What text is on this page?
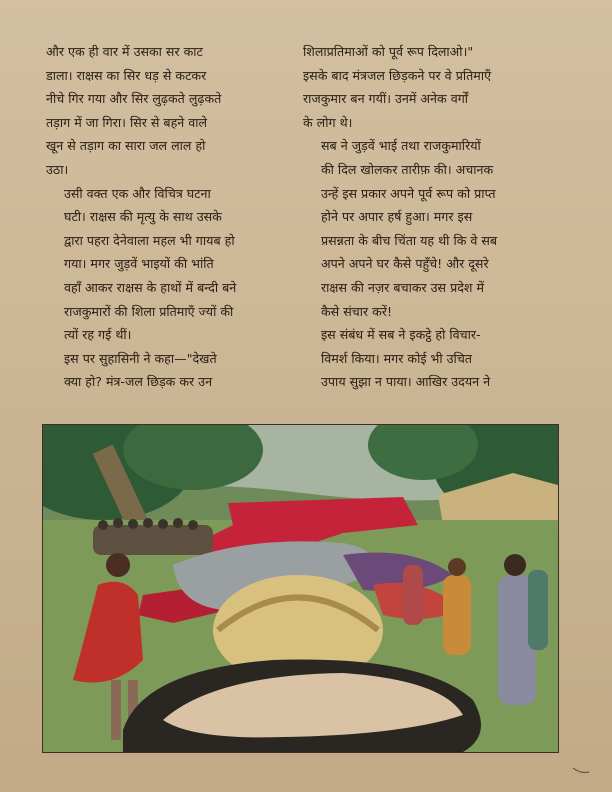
और एक ही वार में उसका सर काट
डाला। राक्षस का सिर धड़ से कटकर
नीचे गिर गया और सिर लुढ़कते लुढ़कते
तड़ाग में जा गिरा। सिर से बहने वाले
खून से तड़ाग का सारा जल लाल हो
उठा।

उसी वक्त एक और विचित्र घटना
घटी। राक्षस की मृत्यु के साथ उसके
द्वारा पहरा देनेवाला महल भी गायब हो
गया। मगर जुड़वें भाइयों की भांति
वहाँ आकर राक्षस के हाथों में बन्दी बने
राजकुमारों की शिला प्रतिमाएँ ज्यों की
त्यों रह गई थीं।

इस पर सुहासिनी ने कहा—"देखते
क्या हो? मंत्र-जल छिड़क कर उन

शिलाप्रतिमाओं को पूर्व रूप दिलाओ।"
इसके बाद मंत्रजल छिड़कने पर वे प्रतिमाएँ
राजकुमार बन गयीं। उनमें अनेक वर्गों
के लोग थे।

सब ने जुड़वें भाई तथा राजकुमारियों
की दिल खोलकर तारीफ़ की। अचानक
उन्हें इस प्रकार अपने पूर्व रूप को प्राप्त
होने पर अपार हर्ष हुआ। मगर इस
प्रसन्नता के बीच चिंता यह थी कि वे सब
अपने अपने घर कैसे पहुँचे! और दूसरे
राक्षस की नज़र बचाकर उस प्रदेश में
कैसे संचार करें!

इस संबंध में सब ने इकट्ठे हो विचार-
विमर्श किया। मगर कोई भी उचित
उपाय सुझा न पाया। आखिर उदयन ने
